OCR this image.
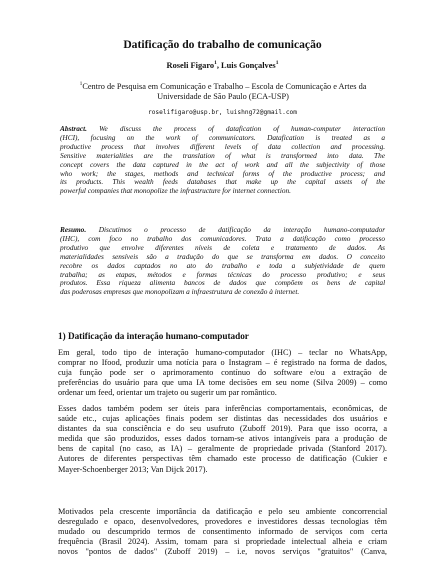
Datificação do trabalho de comunicação
Roseli Figaro$^1$, Luis Gonçalves$^1$
$^1$Centro de Pesquisa em Comunicação e Trabalho – Escola de Comunicação e Artes da
Universidade de São Paulo (ECA-USP)
roselifigaro@usp.br, luishng72@gmail.com
Abstract. We discuss the process of datafication of human-computer interaction
(HCI), focusing on the work of communicators. Datafication is treated as a
productive process that involves different levels of data collection and processing.
Sensitive materialities are the translation of what is transformed into data. The
concept covers the data captured in the act of work and all the subjectivity of those
who work; the stages, methods and technical forms of the productive process; and
its products. This wealth feeds databases that make up the capital assets of the
powerful companies that monopolize the infrastructure for internet connection.
Resumo. Discutimos o processo de datificação da interação humano-computador
(IHC), com foco no trabalho dos comunicadores. Trata a datificação como processo
produtivo que envolve diferentes níveis de coleta e tratamento de dados. As
materialidades sensíveis são a tradução do que se transforma em dados. O conceito
recobre os dados captados no ato do trabalho e toda a subjetividade de quem
trabalha; as etapas, métodos e formas técnicas do processo produtivo; e seus
produtos. Essa riqueza alimenta bancos de dados que compõem os bens de capital
das poderosas empresas que monopolizam a infraestrutura de conexão à internet.
1) Datificação da interação humano-computador
Em geral, todo tipo de interação humano-computador (IHC) – teclar no WhatsApp,
comprar no Ifood, produzir uma notícia para o Instagram – é registrado na forma de dados,
cuja função pode ser o aprimoramento contínuo do software e/ou a extração de
preferências do usuário para que uma IA tome decisões em seu nome (Silva 2009) – como
ordenar um feed, orientar um trajeto ou sugerir um par romântico.
Esses dados também podem ser úteis para inferências comportamentais, econômicas, de
saúde etc., cujas aplicações finais podem ser distintas das necessidades dos usuários e
distantes da sua consciência e do seu usufruto (Zuboff 2019). Para que isso ocorra, a
medida que são produzidos, esses dados tornam-se ativos intangíveis para a produção de
bens de capital (no caso, as IA) – geralmente de propriedade privada (Stanford 2017).
Autores de diferentes perspectivas têm chamado este processo de datificação (Cukier e
Mayer-Schoenberger 2013; Van Dijck 2017).
Motivados pela crescente importância da datificação e pelo seu ambiente concorrencial
desregulado e opaco, desenvolvedores, provedores e investidores dessas tecnologias têm
mudado ou descumprido termos de consentimento informado de serviços com certa
frequência (Brasil 2024). Assim, tomam para si propriedade intelectual alheia e criam
novos "pontos de dados" (Zuboff 2019) – i.e, novos serviços "gratuitos" (Canva,
